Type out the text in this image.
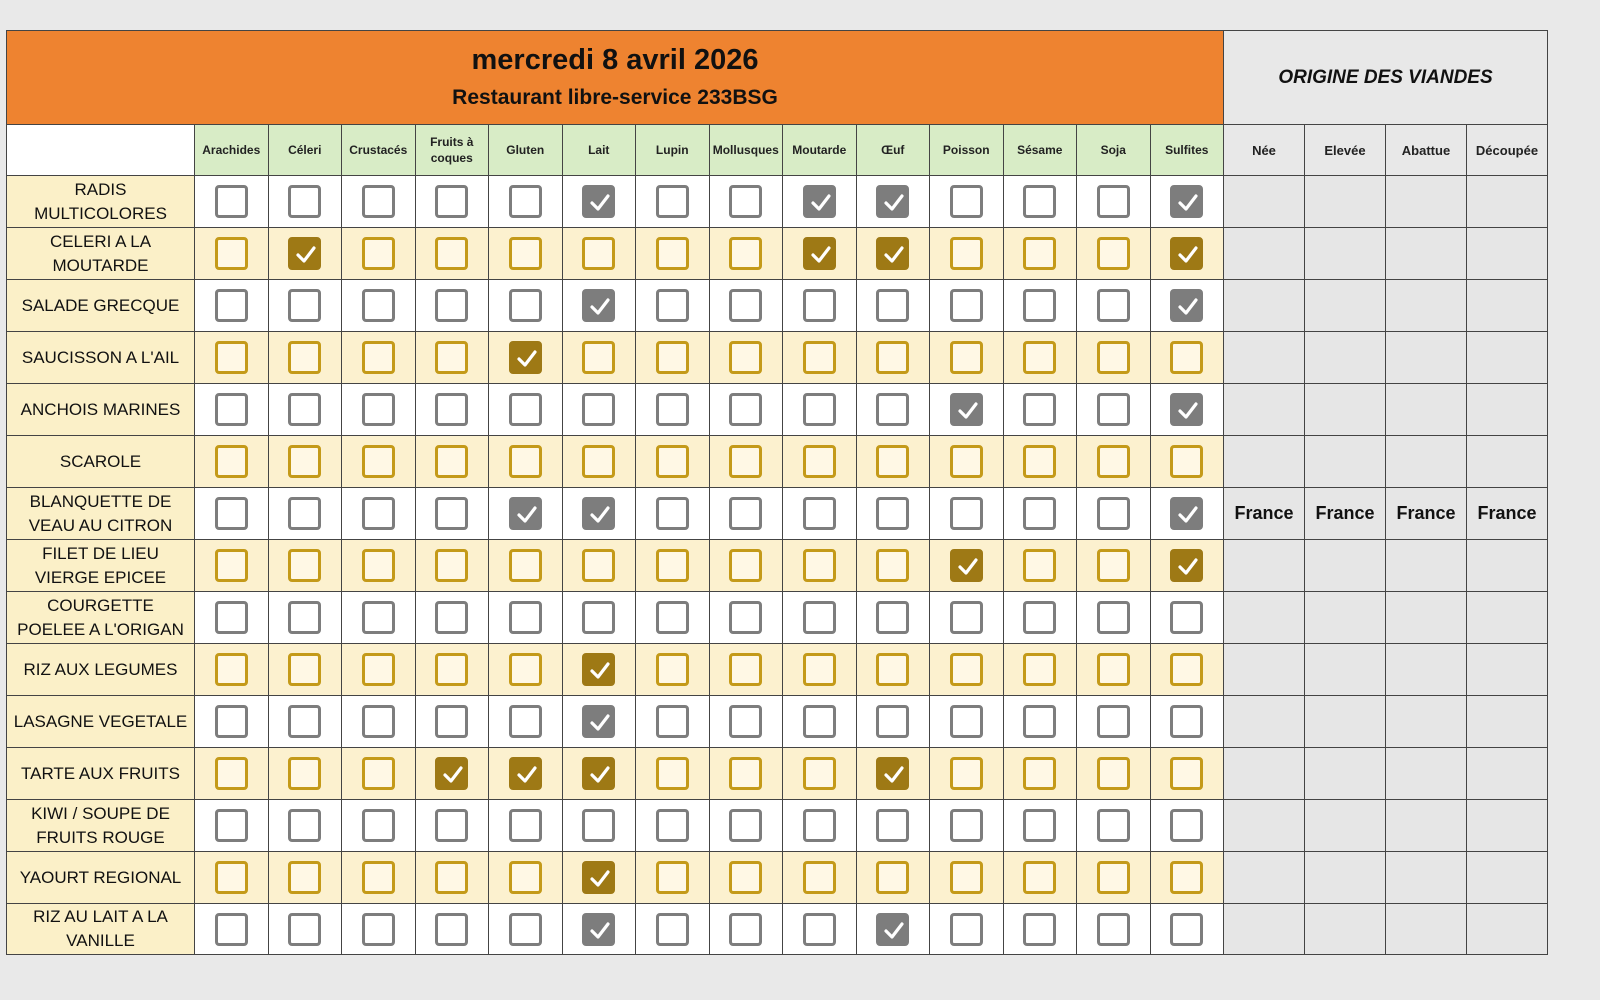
mercredi 8 avril 2026
Restaurant libre-service 233BSG															ORIGINE DES VIANDES			
	Arachides	Céleri	Crustacés	Fruits à coques	Gluten	Lait	Lupin	Mollusques	Moutarde	Œuf	Poisson	Sésame	Soja	Sulfites	Née	Elevée	Abattue	Découpée
RADIS MULTICOLORES						

CELERI A LA MOUTARDE		

SALADE GRECQUE						

SAUCISSON A L'AIL					

ANCHOIS MARINES											

SCAROLE																		
BLANQUETTE DE VEAU AU CITRON															France	France	France	France
FILET DE LIEU VIERGE EPICEE											

COURGETTE POELEE A L'ORIGAN																		
RIZ AUX LEGUMES						

LASAGNE VEGETALE						

TARTE AUX FRUITS				

KIWI / SOUPE DE FRUITS ROUGE																		
YAOURT REGIONAL						

RIZ AU LAIT A LA VANILLE						
